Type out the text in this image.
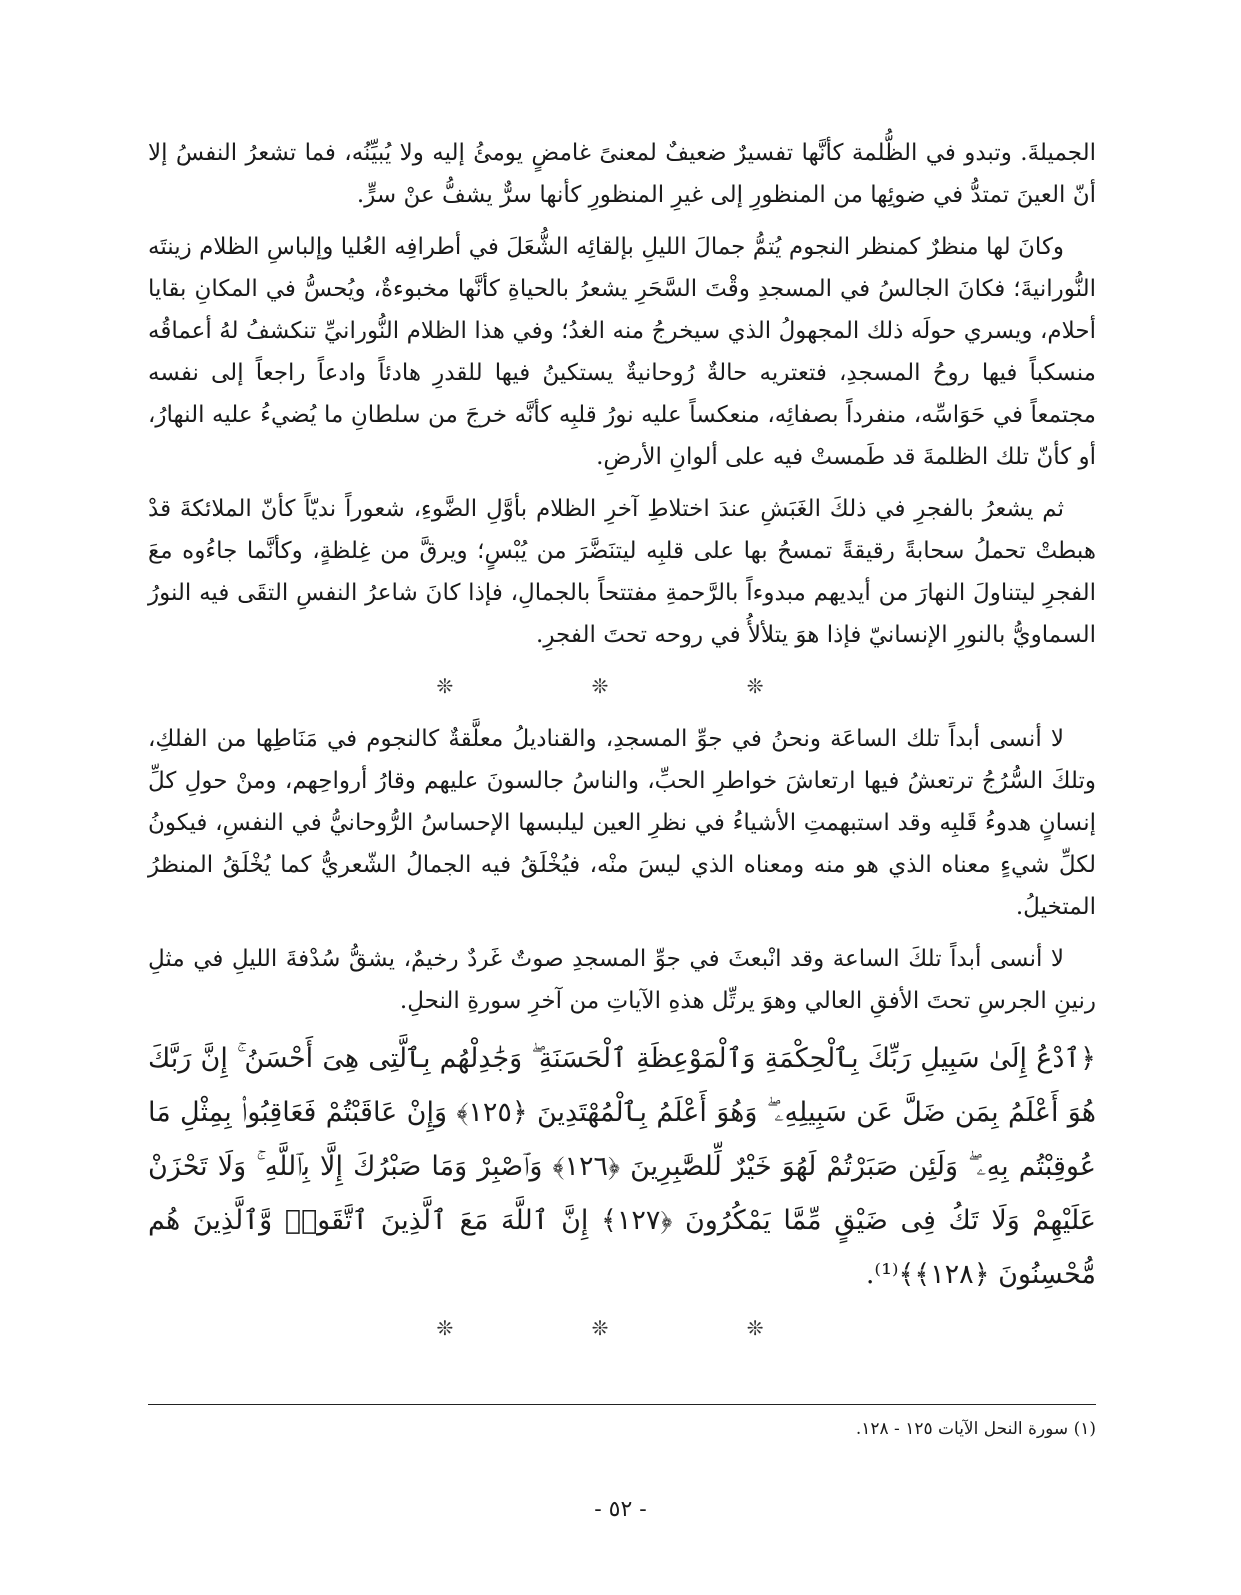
الجميلةَ. وتبدو في الظُّلمة كأنَّها تفسيرٌ ضعيفٌ لمعنىً غامضٍ يومئُ إليه ولا يُبيِّنُه، فما تشعرُ النفسُ إلا أنّ العينَ تمتدُّ في ضوئِها من المنظورِ إلى غيرِ المنظورِ كأنها سرٌّ يشفُّ عنْ سرٍّ.

وكانَ لها منظرٌ كمنظر النجوم يُتمُّ جمالَ الليلِ بإلقائِه الشُّعَلَ في أطرافِه العُليا وإلباسِ الظلام زينتَه النُّورانيةَ؛ فكانَ الجالسُ في المسجدِ وقْتَ السَّحَرِ يشعرُ بالحياةِ كأنَّها مخبوءةٌ، ويُحسُّ في المكانِ بقايا أحلام، ويسري حولَه ذلك المجهولُ الذي سيخرجُ منه الغدُ؛ وفي هذا الظلام النُّورانيِّ تنكشفُ لهُ أعماقُه منسكباً فيها روحُ المسجدِ، فتعتريه حالةٌ رُوحانيةٌ يستكينُ فيها للقدرِ هادئاً وادعاً راجعاً إلى نفسه مجتمعاً في حَوَاسِّه، منفرداً بصفائِه، منعكساً عليه نورُ قلبِه كأنَّه خرجَ من سلطانِ ما يُضيءُ عليه النهارُ، أو كأنّ تلك الظلمةَ قد طَمستْ فيه على ألوانِ الأرضِ.

ثم يشعرُ بالفجرِ في ذلكَ الغَبَشِ عندَ اختلاطِ آخرِ الظلام بأوَّلِ الضَّوءِ، شعوراً نديّاً كأنّ الملائكةَ قدْ هبطتْ تحملُ سحابةً رقيقةً تمسحُ بها على قلبِه ليتنَضَّرَ من يُبْسٍ؛ ويرقَّ من غِلظةٍ، وكأنَّما جاءُوه معَ الفجرِ ليتناولَ النهارَ من أيديهم مبدوءاً بالرَّحمةِ مفتتحاً بالجمالِ، فإذا كانَ شاعرُ النفسِ التقَى فيه النورُ السماويُّ بالنورِ الإنسانيّ فإذا هوَ يتلألأُ في روحه تحتَ الفجرِ.

❊ ❊ ❊

لا أنسى أبداً تلك الساعَة ونحنُ في جوِّ المسجدِ، والقناديلُ معلَّقةٌ كالنجوم في مَنَاطِها من الفلكِ، وتلكَ السُّرُجُ ترتعشُ فيها ارتعاشَ خواطرِ الحبِّ، والناسُ جالسونَ عليهم وقارُ أرواحِهم، ومنْ حولِ كلِّ إنسانٍ هدوءُ قَلبِه وقد استبهمتِ الأشياءُ في نظرِ العين ليلبسها الإحساسُ الرُّوحانيُّ في النفسِ، فيكونُ لكلِّ شيءٍ معناه الذي هو منه ومعناه الذي ليسَ منْه، فيُخْلَقُ فيه الجمالُ الشّعريُّ كما يُخْلَقُ المنظرُ المتخيلُ.

لا أنسى أبداً تلكَ الساعة وقد انْبعثَ في جوِّ المسجدِ صوتٌ غَردٌ رخيمٌ، يشقُّ سُدْفةَ الليلِ في مثلِ رنينِ الجرسِ تحتَ الأفقِ العالي وهوَ يرتِّل هذهِ الآياتِ من آخرِ سورةِ النحلِ.

﴿ٱدْعُ إِلَىٰ سَبِيلِ رَبِّكَ بِٱلْحِكْمَةِ وَٱلْمَوْعِظَةِ ٱلْحَسَنَةِ ۖ وَجَٰدِلْهُم بِٱلَّتِى هِىَ أَحْسَنُ ۚ إِنَّ رَبَّكَ هُوَ أَعْلَمُ بِمَن ضَلَّ عَن سَبِيلِهِۦ ۖ وَهُوَ أَعْلَمُ بِٱلْمُهْتَدِينَ ﴿١٢٥﴾ وَإِنْ عَاقَبْتُمْ فَعَاقِبُوا۟ بِمِثْلِ مَا عُوقِبْتُم بِهِۦ ۖ وَلَئِن صَبَرْتُمْ لَهُوَ خَيْرٌ لِّلصَّٰبِرِينَ ﴿١٢٦﴾ وَٱصْبِرْ وَمَا صَبْرُكَ إِلَّا بِٱللَّهِ ۚ وَلَا تَحْزَنْ عَلَيْهِمْ وَلَا تَكُ فِى ضَيْقٍ مِّمَّا يَمْكُرُونَ ﴿١٢٧﴾ إِنَّ ٱللَّهَ مَعَ ٱلَّذِينَ ٱتَّقَوا۟ وَّٱلَّذِينَ هُم مُّحْسِنُونَ ﴿١٢٨﴾﴾⁽¹⁾.

❊ ❊ ❊
(١) سورة النحل الآيات ١٢٥ - ١٢٨.
- ٥٢ -
